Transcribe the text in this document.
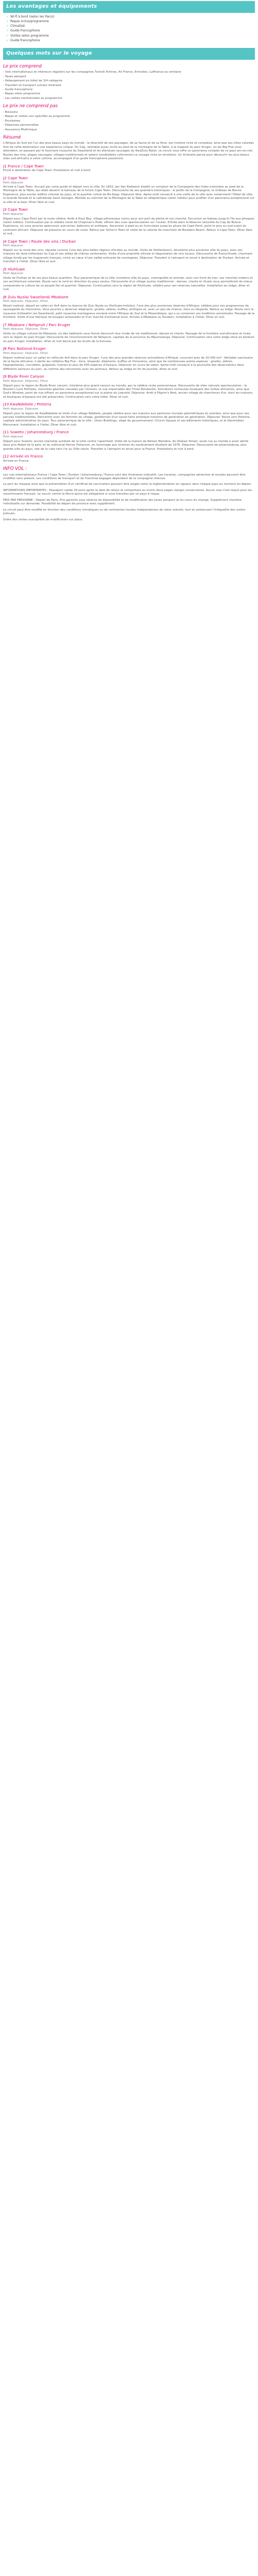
Les avantages et équipements
✓ Wi-fi à bord (selon les Parcs)
✓ Repas inclus/programme
✓ Climatisé
✓ Guide francophone
✓ Visites selon programme
✓ Guide francophone
Quelques mots sur le voyage
Le prix comprend

- Vols internationaux et intérieurs réguliers sur les compagnies Turkish Airlines, Air France, Emirates, Lufthansa ou similaire

- Taxes aéroport

- Hébergement en hôtel de 3/4 catégorie

- Transfert et transport suivant itinéraire

- Guide francophone

- Repas selon programme

- Les visites mentionnées au programme

Le prix ne comprend pas

- Boissons

- Repas et visites non spécifiés au programme

- Pourboires

- Dépenses personnelles

- Assurance Multirisque

Résumé

L'Afrique du Sud est l'un des plus beaux pays du monde : la diversité de ses paysages, de sa faune et de sa flore, son histoire riche et complexe, ainsi que ses villes colorées font de cette destination une expérience unique. Du Cap, véritable joyau niché au pied de la montagne de la Table, à la majesté du parc Kruger, où les Big Five vous attendent, en passant par le fascinant royaume du Swaziland et les étendues sauvages du KwaZulu-Natal, ce circuit vous offre un panorama complet de ce pays arc-en-ciel. Routes des vins, plages sauvages, villages traditionnels et safaris inoubliables rythmeront ce voyage riche en émotions. Un itinéraire pensé pour découvrir les plus beaux sites sud-africains à votre rythme, accompagné d'un guide francophone passionné.

J1 France / Cape Town

Envol à destination de Cape Town. Prestations et nuit à bord.

J2 Cape Town
Petit déjeuner

Arrivée à Cape Town. Accueil par votre guide et départ vers la ville. En 1652, Jan Van Riebeeck établit un comptoir de la Compagnie des Indes orientales au pied de la Montagne de la Table, qui allait devenir le berceau de la future Cape Town. Découverte de ses quartiers historiques : le Jardin de la Compagnie, le château de Bonne Espérance, plus ancien édifice colonial du pays, et le quartier coloré de Bo-Kaap. Déjeuner libre. Après-midi consacré à une visite de la ville avec notamment l'Hôtel de ville, la Grande Parade et la cathédrale Saint-Georges. Montée au sommet de la Montagne de la Table en téléphérique (selon météo) pour profiter d'un panorama exceptionnel sur la ville et la baie. Dîner libre et nuit.

J3 Cape Town
Petit déjeuner

Départ pour Cape Point par la route côtière. Arrêt à Hout Bay, village pittoresque connu pour son port de pêche et son marché. Excursion en bateau jusqu'à l'île aux phoques (selon météo). Continuation par la célèbre route de Chapman's Peak, offrant des vues spectaculaires sur l'océan. Entrée dans la Réserve naturelle du Cap de Bonne-Espérance, où vous pourrez apercevoir autruches, babouins et antilopes. Ascension à pied ou en funiculaire jusqu'au phare de Cape Point, point le plus au sud-ouest du continent africain. Déjeuner de poissons en cours de route. Retour par Simon's Town et visite de la colonie de manchots de Boulders Beach. Retour à Cape Town. Dîner libre et nuit.

J4 Cape Town / Route des vins / Durban
Petit déjeuner

Départ sur la route des vins, réputée comme l'une des plus belles régions viticoles au monde. Visite de Stellenbosch, deuxième plus ancienne ville du pays, avec ses maisons de style hollandais du Cap et ses allées de chênes centenaires. Visite d'une propriété viticole et dégustation de vins locaux. Découverte de Franschhoek, charmant village fondé par les huguenots français, niché au cœur d'une vallée entourée de montagnes. Déjeuner. Transfert à l'aéroport et envol à destination de Durban. Arrivée et transfert à l'hôtel. Dîner libre et nuit.

J5 Hluhluwe
Petit déjeuner

Visite de Durban et de ses plus beaux quartiers. Tour panoramique de la ville, troisième ville du pays, cosmopolite et animée, avec son front de mer, ses marchés indiens et son architecture coloniale. Route vers le nord en direction du pays zoulou. Découverte d'un village zoulou traditionnel : danses, chants et rituels vous permettront de mieux comprendre la culture de ce peuple fier et guerrier. Déjeuner. Continuation vers la région de Hluhluwe, célèbre pour ses réserves naturelles. Installation au lodge, dîner et nuit.

J6 Zulu Nyala/ Swaziland/ Mbabane
Petit déjeuner, Déjeuner, Dîner

Réveil matinal, départ en safari en 4x4 dans la réserve de Zulu Nyala ou Hluhluwe-Imfolozi, l'une des plus anciennes réserves d'Afrique, célèbre pour ses programmes de sauvegarde du rhinocéros. Vous pourrez y observer éléphants, girafes, zèbres, buffles, antilopes et, avec un peu de chance, lions ou léopards. Retour au lodge. Route vers le royaume d'eSwatini (ex-Swaziland), petit royaume montagneux enclavé entre l'Afrique du Sud et le Mozambique, qui a su conserver ses traditions ancestrales. Passage de la frontière. Visite d'une fabrique de bougies artisanales et d'un marché d'artisanat local. Arrivée à Mbabane ou Ezulwini, installation à l'hôtel. Dîner et nuit.

J7 Mbabane / Nelspruit / Parc Kruger
Petit déjeuner, Déjeuner, Dîner

Visite du village culturel de Matsamo, où des habitants vous feront découvrir leur mode de vie traditionnel, danses et chants. Passage de la frontière sud-africaine et route vers la région du parc Kruger. Découverte de l'environnement de Nelspruit, capitale de la province du Mpumalanga. Déjeuner. Continuation vers votre lodge situé en bordure du parc Kruger. Installation, dîner et nuit bercé par les bruits de la brousse.

J8 Parc National Kruger
Petit déjeuner, Déjeuner, Dîner

Départ matinal pour un safari en véhicule 4x4 dans le parc Kruger, l'une des plus grandes réserves animalières d'Afrique, couvrant près de 20 000 km². Véritable sanctuaire de la faune africaine, il abrite les célèbres Big Five : lions, léopards, éléphants, buffles et rhinocéros, ainsi que de nombreuses autres espèces : girafes, zèbres, hippopotames, crocodiles, guépards, hyènes et plus de 500 espèces d'oiseaux. Déjeuner en cours de safari. Après-midi consacré à la poursuite des observations dans différents secteurs du parc, au rythme des rencontres avec les animaux. Retour au lodge en fin de journée, dîner et nuit.

J9 Blyde River Canyon
Petit déjeuner, Déjeuner, Dîner

Départ pour la région du Blyde River canyon, troisième plus grand canyon au monde, par la célèbre route panoramique. Découverte de sites naturels spectaculaires : le Bourke's Luck Potholes, marmites géantes creusées par l'érosion, la vue imprenable des Three Rondavels, formations rocheuses évoquant des huttes africaines, ainsi que God's Window, point de vue offrant un panorama exceptionnel sur la plaine du Lowveld. Déjeuner. Arrêt à Pilgrim's Rest, ancien village de chercheurs d'or, dont les maisons et boutiques d'époque ont été préservées. Continuation vers votre hôtel. Dîner et nuit.

J10 KwaNdebele / Pretoria
Petit déjeuner, Déjeuner

Départ pour la région de KwaNdebele et visite d'un village Ndebele, peuple célèbre pour ses maisons aux peintures murales géométriques et colorées, ainsi que pour ses parures traditionnelles. Rencontre avec les femmes du village, gardiennes d'un savoir-faire artistique transmis de génération en génération. Déjeuner. Route vers Pretoria, capitale administrative du pays. Tour panoramique de la ville : Union Buildings, siège du gouvernement, Church Square et ses bâtiments historiques, et le Voortrekker Monument. Installation à l'hôtel. Dîner libre et nuit.

J11 Soweto / Johannesburg / France
Petit déjeuner

Départ pour Soweto, ancien township symbole de la lutte contre l'apartheid. Visite de la maison de Nelson Mandela, de Vilakazi Street, seule rue au monde à avoir abrité deux prix Nobel de la paix, et du mémorial Hector Pieterson, en hommage aux victimes du soulèvement étudiant de 1976. Déjeuner. Découverte de Johannesburg, plus grande ville du pays, née de la ruée vers l'or au XIXe siècle. Transfert à l'aéroport et envol pour la France. Prestations et nuit à bord.

J12 Arrivée en France.

Arrivée en France.

INFO VOL :

Les vols internationaux France / Cape Town / Durban / Johannesburg / France sont des itinéraires indicatifs. Les horaires, compagnies aériennes et escales peuvent être modifiés sans préavis. Les conditions de transport et de franchise bagages dépendent de la compagnie retenue.

Le port du masque ainsi que la présentation d'un certificat de vaccination peuvent être exigés selon la réglementation en vigueur dans chaque pays au moment du départ.

INFORMATIONS IMPORTANTES : Passeport valide 30 jours après la date de retour et comportant au moins deux pages vierges consécutives. Aucun visa n'est requis pour les ressortissants français. Le vaccin contre la fièvre jaune est obligatoire si vous transitez par un pays à risque.

PRIX PAR PERSONNE : Départ de Paris. Prix garantis sous réserve de disponibilité et de modification des taxes aéroport et du cours du change. Supplément chambre individuelle sur demande. Possibilité de départ de province avec supplément.

Le circuit peut être modifié en fonction des conditions climatiques ou de contraintes locales indépendantes de notre volonté, tout en préservant l'intégralité des visites prévues.

Ordre des visites susceptible de modification sur place.
